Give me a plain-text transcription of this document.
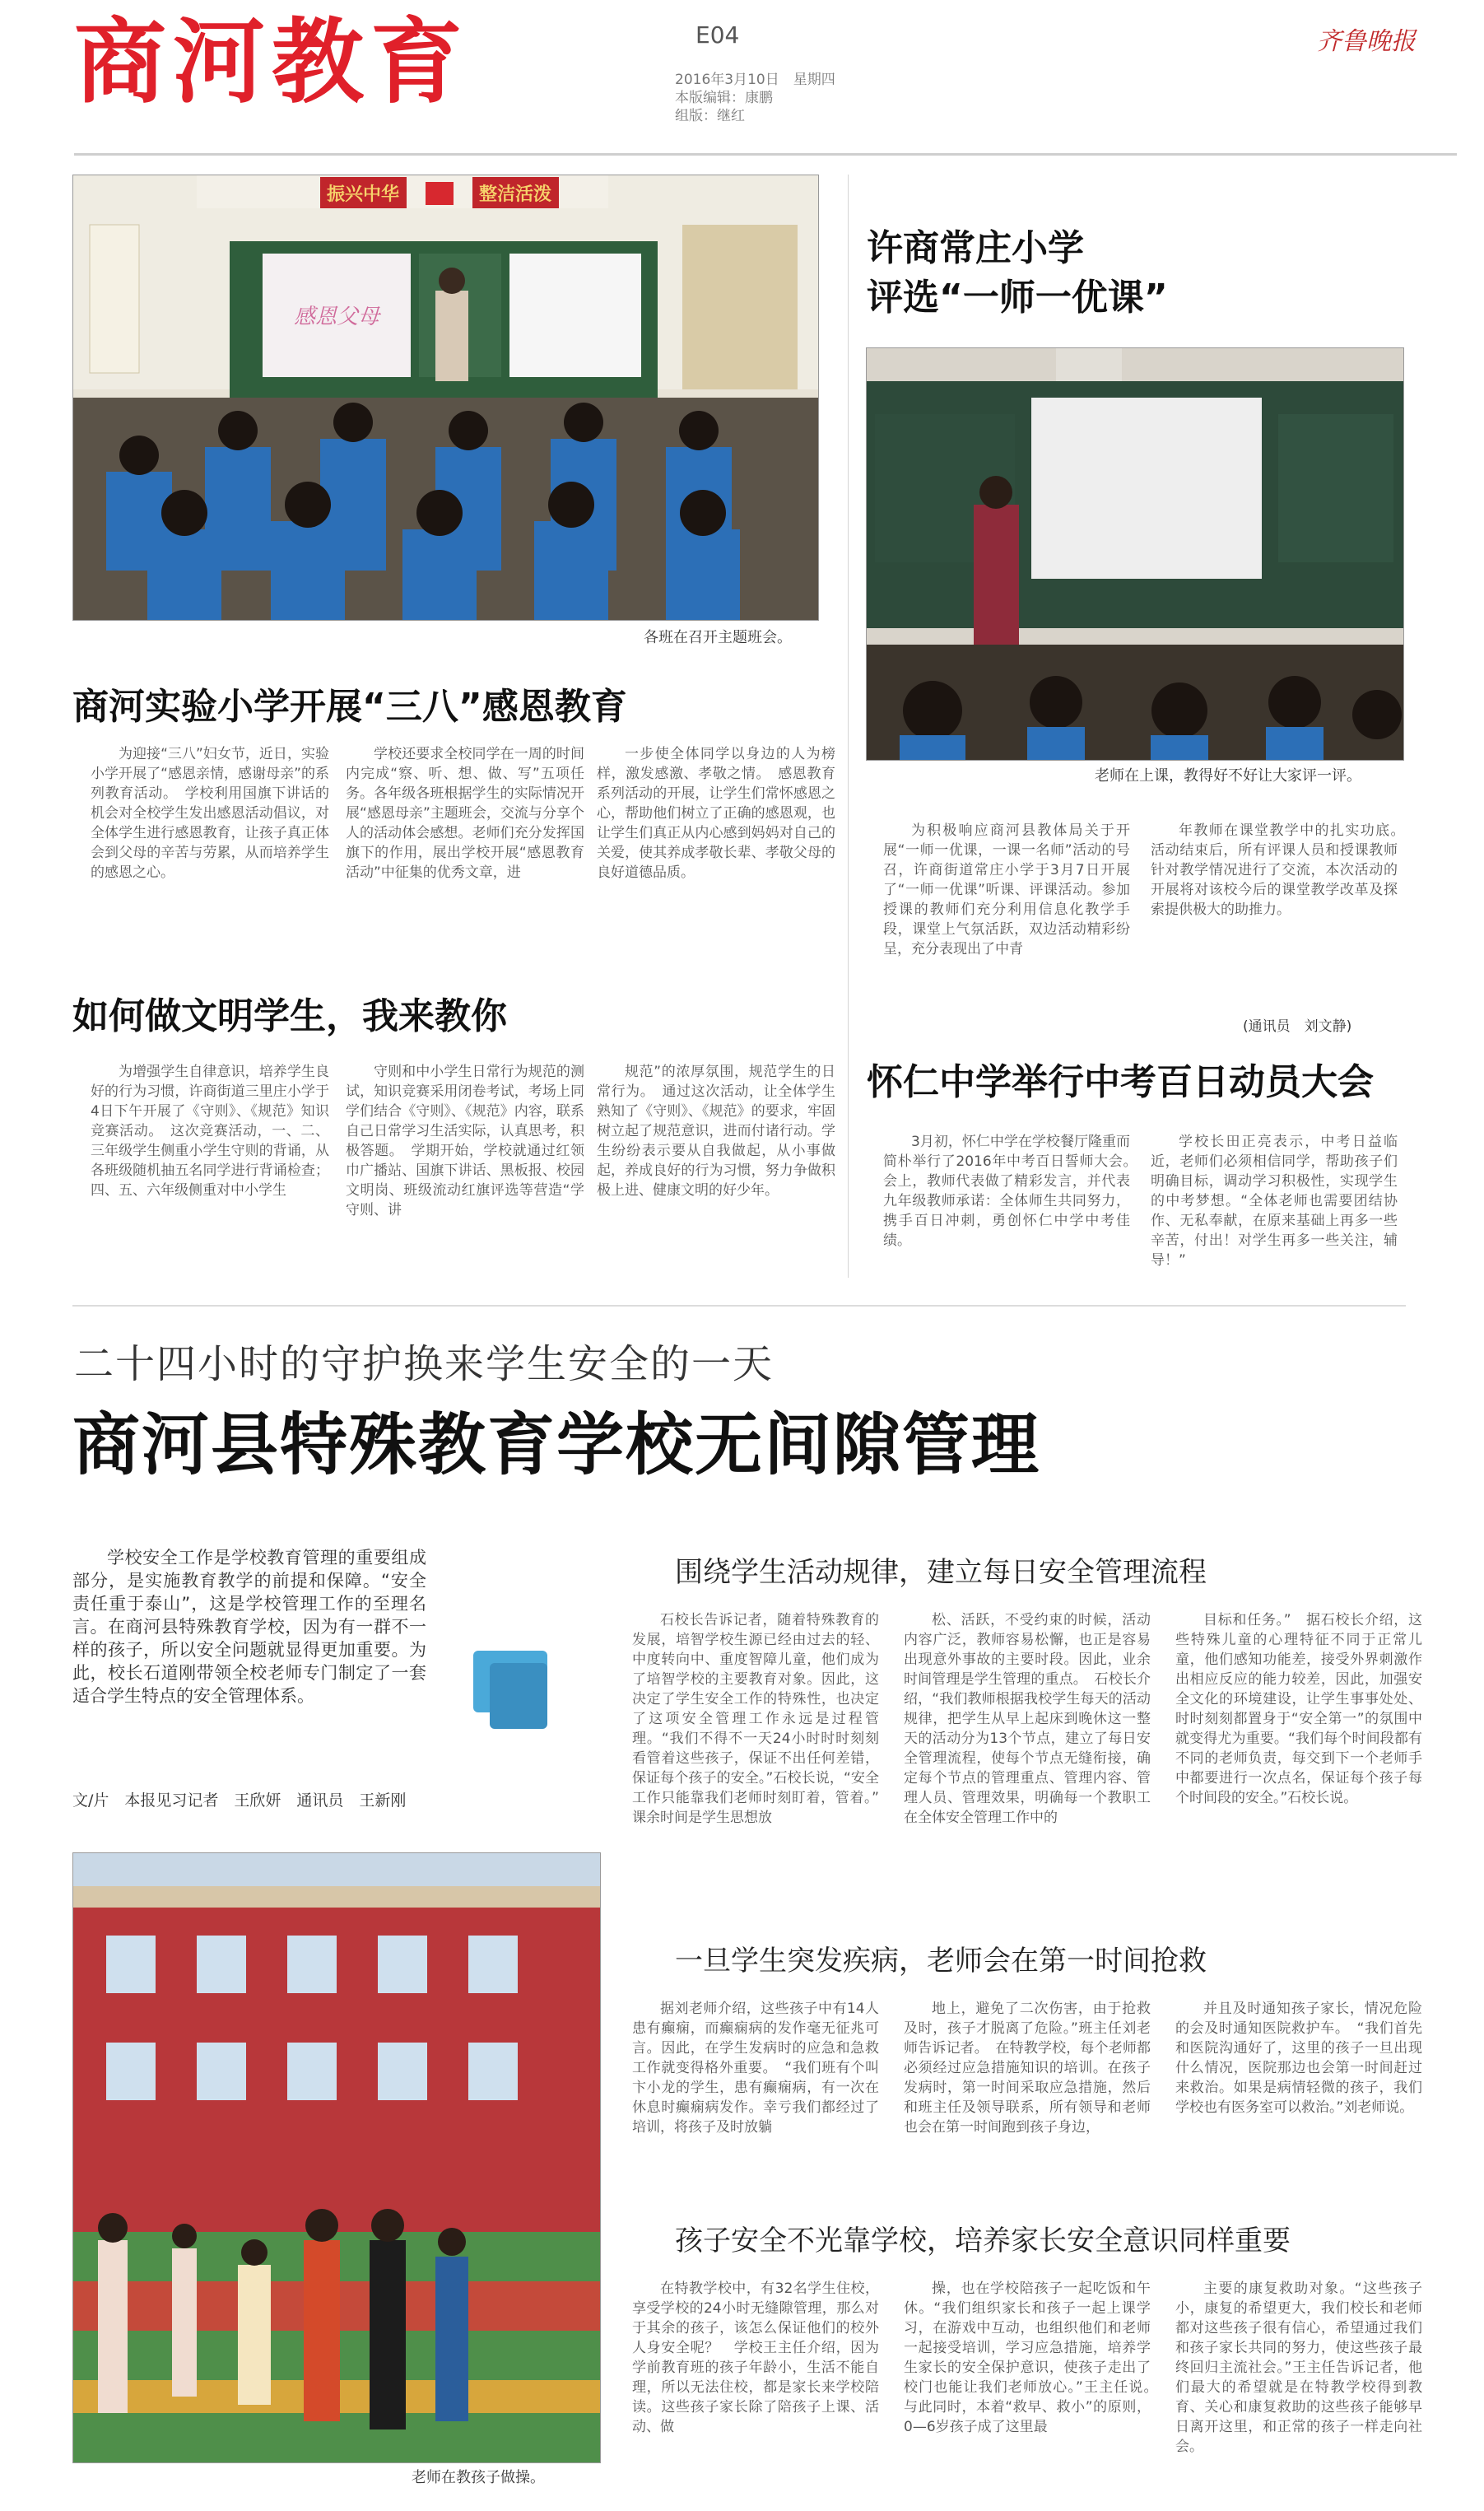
商河教育	E04
2016年3月10日　星期四
本版编辑：康鹏
组版：继红
齐鲁晚报
振兴中华	整洁活泼
感恩父母
各班在召开主题班会。
许商常庄小学
评选“一师一优课”
老师在上课，教得好不好让大家评一评。
为积极响应商河县教体局关于开展“一师一优课，一课一名师”活动的号召，许商街道常庄小学于3月7日开展了“一师一优课”听课、评课活动。参加授课的教师们充分利用信息化教学手段，课堂上气氛活跃，双边活动精彩纷呈，充分表现出了中青
年教师在课堂教学中的扎实功底。　活动结束后，所有评课人员和授课教师针对教学情况进行了交流，本次活动的开展将对该校今后的课堂教学改革及探索提供极大的助推力。
(通讯员　刘文静)
商河实验小学开展“三八”感恩教育
为迎接“三八”妇女节，近日，实验小学开展了“感恩亲情，感谢母亲”的系列教育活动。　学校利用国旗下讲话的机会对全校学生发出感恩活动倡议，对全体学生进行感恩教育，让孩子真正体会到父母的辛苦与劳累，从而培养学生的感恩之心。
学校还要求全校同学在一周的时间内完成“察、听、想、做、写”五项任务。各年级各班根据学生的实际情况开展“感恩母亲”主题班会，交流与分享个人的活动体会感想。老师们充分发挥国旗下的作用，展出学校开展“感恩教育活动”中征集的优秀文章，进
一步使全体同学以身边的人为榜样，激发感激、孝敬之情。　感恩教育系列活动的开展，让学生们常怀感恩之心，帮助他们树立了正确的感恩观，也让学生们真正从内心感到妈妈对自己的关爱，使其养成孝敬长辈、孝敬父母的良好道德品质。
如何做文明学生，我来教你
为增强学生自律意识，培养学生良好的行为习惯，许商街道三里庄小学于4日下午开展了《守则》、《规范》知识竞赛活动。　这次竞赛活动，一、二、三年级学生侧重小学生守则的背诵，从各班级随机抽五名同学进行背诵检查；四、五、六年级侧重对中小学生
守则和中小学生日常行为规范的测试，知识竞赛采用闭卷考试，考场上同学们结合《守则》、《规范》内容，联系自己日常学习生活实际，认真思考，积极答题。　学期开始，学校就通过红领巾广播站、国旗下讲话、黑板报、校园文明岗、班级流动红旗评选等营造“学守则、讲
规范”的浓厚氛围，规范学生的日常行为。　通过这次活动，让全体学生熟知了《守则》、《规范》的要求，牢固树立起了规范意识，进而付诸行动。学生纷纷表示要从自我做起，从小事做起，养成良好的行为习惯，努力争做积极上进、健康文明的好少年。
怀仁中学举行中考百日动员大会
3月初，怀仁中学在学校餐厅隆重而简朴举行了2016年中考百日誓师大会。　会上，教师代表做了精彩发言，并代表九年级教师承诺：全体师生共同努力，携手百日冲刺，勇创怀仁中学中考佳绩。
学校长田正亮表示，中考日益临近，老师们必须相信同学，帮助孩子们明确目标，调动学习积极性，实现学生的中考梦想。“全体老师也需要团结协作、无私奉献，在原来基础上再多一些辛苦，付出！对学生再多一些关注，辅导！”
二十四小时的守护换来学生安全的一天
商河县特殊教育学校无间隙管理
学校安全工作是学校教育管理的重要组成部分，是实施教育教学的前提和保障。“安全责任重于泰山”，这是学校管理工作的至理名言。在商河县特殊教育学校，因为有一群不一样的孩子，所以安全问题就显得更加重要。为此，校长石道刚带领全校老师专门制定了一套适合学生特点的安全管理体系。
文/片　本报见习记者　王欣妍　通讯员　王新刚
老师在教孩子做操。
围绕学生活动规律，建立每日安全管理流程
石校长告诉记者，随着特殊教育的发展，培智学校生源已经由过去的轻、中度转向中、重度智障儿童，他们成为了培智学校的主要教育对象。因此，这决定了学生安全工作的特殊性，也决定了这项安全管理工作永远是过程管理。“我们不得不一天24小时时时刻刻看管着这些孩子，保证不出任何差错，保证每个孩子的安全。”石校长说，“安全工作只能靠我们老师时刻盯着，管着。”　课余时间是学生思想放
松、活跃，不受约束的时候，活动内容广泛，教师容易松懈，也正是容易出现意外事故的主要时段。因此，业余时间管理是学生管理的重点。　石校长介绍，“我们教师根据我校学生每天的活动规律，把学生从早上起床到晚休这一整天的活动分为13个节点，建立了每日安全管理流程，使每个节点无缝衔接，确定每个节点的管理重点、管理内容、管理人员、管理效果，明确每一个教职工在全体安全管理工作中的
目标和任务。”　据石校长介绍，这些特殊儿童的心理特征不同于正常儿童，他们感知功能差，接受外界刺激作出相应反应的能力较差，因此，加强安全文化的环境建设，让学生事事处处、时时刻刻都置身于“安全第一”的氛围中就变得尤为重要。“我们每个时间段都有不同的老师负责，每交到下一个老师手中都要进行一次点名，保证每个孩子每个时间段的安全。”石校长说。
一旦学生突发疾病，老师会在第一时间抢救
据刘老师介绍，这些孩子中有14人患有癫痫，而癫痫病的发作毫无征兆可言。因此，在学生发病时的应急和急救工作就变得格外重要。　“我们班有个叫卞小龙的学生，患有癫痫病，有一次在休息时癫痫病发作。幸亏我们都经过了培训，将孩子及时放躺
地上，避免了二次伤害，由于抢救及时，孩子才脱离了危险。”班主任刘老师告诉记者。　在特教学校，每个老师都必须经过应急措施知识的培训。在孩子发病时，第一时间采取应急措施，然后和班主任及领导联系，所有领导和老师也会在第一时间跑到孩子身边，
并且及时通知孩子家长，情况危险的会及时通知医院救护车。　“我们首先和医院沟通好了，这里的孩子一旦出现什么情况，医院那边也会第一时间赶过来救治。如果是病情轻微的孩子，我们学校也有医务室可以救治。”刘老师说。
孩子安全不光靠学校，培养家长安全意识同样重要
在特教学校中，有32名学生住校，享受学校的24小时无缝隙管理，那么对于其余的孩子，该怎么保证他们的校外人身安全呢？　学校王主任介绍，因为学前教育班的孩子年龄小，生活不能自理，所以无法住校，都是家长来学校陪读。这些孩子家长除了陪孩子上课、活动、做
操，也在学校陪孩子一起吃饭和午休。“我们组织家长和孩子一起上课学习，在游戏中互动，也组织他们和老师一起接受培训，学习应急措施，培养学生家长的安全保护意识，使孩子走出了校门也能让我们老师放心。”王主任说。　与此同时，本着“救早、救小”的原则，0—6岁孩子成了这里最
主要的康复救助对象。“这些孩子小，康复的希望更大，我们校长和老师都对这些孩子很有信心，希望通过我们和孩子家长共同的努力，使这些孩子最终回归主流社会。”王主任告诉记者，他们最大的希望就是在特教学校得到教育、关心和康复救助的这些孩子能够早日离开这里，和正常的孩子一样走向社会。
